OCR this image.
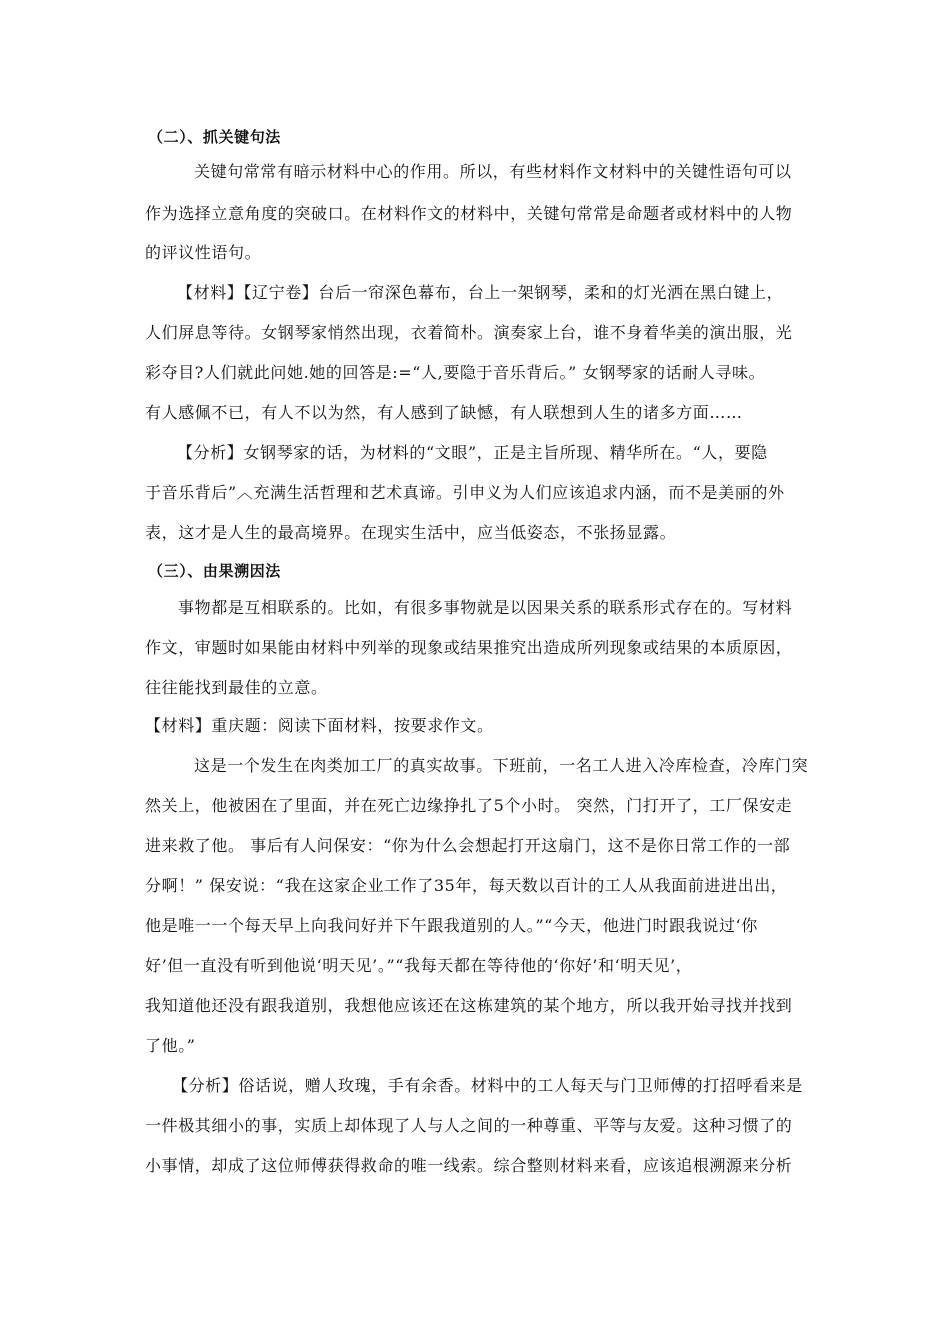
（二）、抓关键句法
关键句常常有暗示材料中心的作用。所以，有些材料作文材料中的关键性语句可以
作为选择立意角度的突破口。在材料作文的材料中，关键句常常是命题者或材料中的人物
的评议性语句。
【材料】【辽宁卷】台后一帘深色幕布，台上一架钢琴，柔和的灯光洒在黑白键上，
人们屏息等待。女钢琴家悄然出现，衣着简朴。演奏家上台，谁不身着华美的演出服，光
彩夺目?人们就此问她.她的回答是:=“人,要隐于音乐背后。” 女钢琴家的话耐人寻味。
有人感佩不已，有人不以为然，有人感到了缺憾，有人联想到人生的诸多方面……
【分析】女钢琴家的话，为材料的“文眼”，正是主旨所现、精华所在。“人，要隐
于音乐背后”︿充满生活哲理和艺术真谛。引申义为人们应该追求内涵，而不是美丽的外
表，这才是人生的最高境界。在现实生活中，应当低姿态，不张扬显露。
（三）、由果溯因法
事物都是互相联系的。比如，有很多事物就是以因果关系的联系形式存在的。写材料
作文，审题时如果能由材料中列举的现象或结果推究出造成所列现象或结果的本质原因，
往往能找到最佳的立意。
【材料】重庆题：阅读下面材料，按要求作文。
这是一个发生在肉类加工厂的真实故事。下班前，一名工人进入冷库检查，冷库门突
然关上，他被困在了里面，并在死亡边缘挣扎了5个小时。 突然，门打开了，工厂保安走
进来救了他。 事后有人问保安：“你为什么会想起打开这扇门，这不是你日常工作的一部
分啊！” 保安说：“我在这家企业工作了35年，每天数以百计的工人从我面前进进出出，
他是唯一一个每天早上向我问好并下午跟我道别的人。”“今天，他进门时跟我说过‘你
好’但一直没有听到他说‘明天见’。”“我每天都在等待他的‘你好’和‘明天见’，
我知道他还没有跟我道别，我想他应该还在这栋建筑的某个地方，所以我开始寻找并找到
了他。”
【分析】俗话说，赠人玫瑰，手有余香。材料中的工人每天与门卫师傅的打招呼看来是
一件极其细小的事，实质上却体现了人与人之间的一种尊重、平等与友爱。这种习惯了的
小事情，却成了这位师傅获得救命的唯一线索。综合整则材料来看，应该追根溯源来分析
